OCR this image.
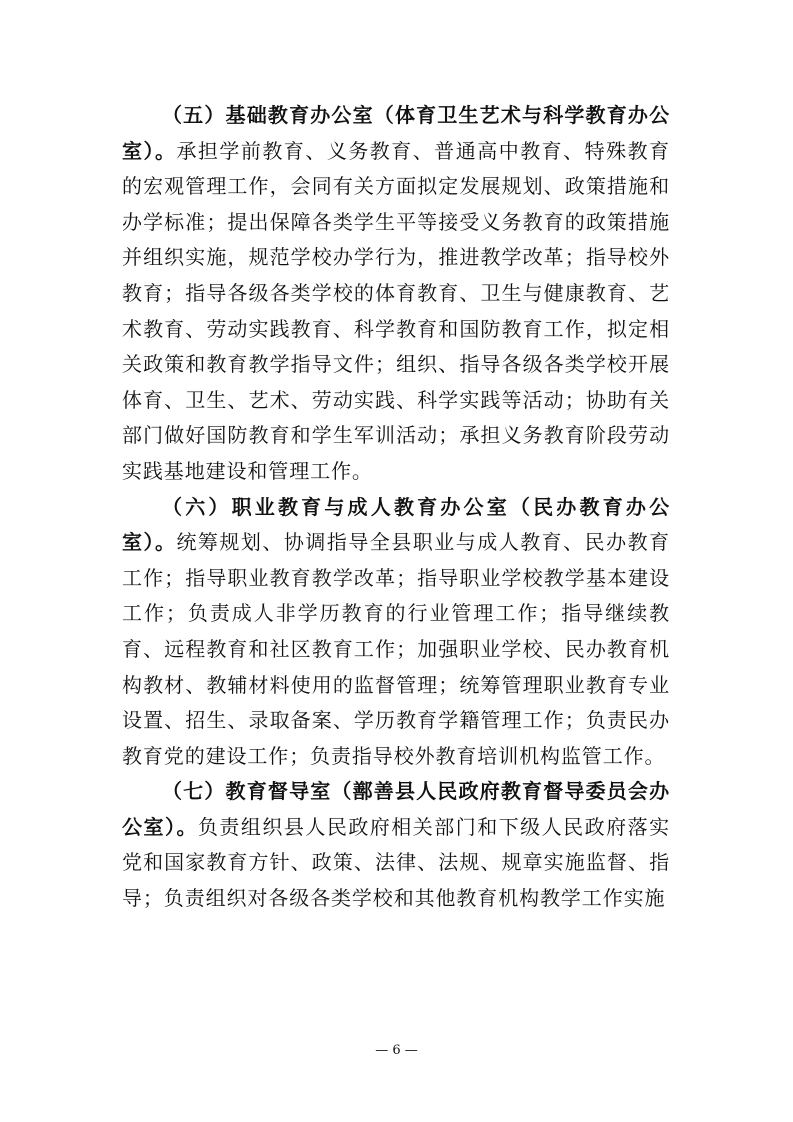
（五）基础教育办公室（体育卫生艺术与科学教育办公室）。承担学前教育、义务教育、普通高中教育、特殊教育的宏观管理工作，会同有关方面拟定发展规划、政策措施和办学标准；提出保障各类学生平等接受义务教育的政策措施并组织实施，规范学校办学行为，推进教学改革；指导校外教育；指导各级各类学校的体育教育、卫生与健康教育、艺术教育、劳动实践教育、科学教育和国防教育工作，拟定相关政策和教育教学指导文件；组织、指导各级各类学校开展体育、卫生、艺术、劳动实践、科学实践等活动；协助有关部门做好国防教育和学生军训活动；承担义务教育阶段劳动实践基地建设和管理工作。

（六）职业教育与成人教育办公室（民办教育办公室）。统筹规划、协调指导全县职业与成人教育、民办教育工作；指导职业教育教学改革；指导职业学校教学基本建设工作；负责成人非学历教育的行业管理工作；指导继续教育、远程教育和社区教育工作；加强职业学校、民办教育机构教材、教辅材料使用的监督管理；统筹管理职业教育专业设置、招生、录取备案、学历教育学籍管理工作；负责民办教育党的建设工作；负责指导校外教育培训机构监管工作。

（七）教育督导室（鄯善县人民政府教育督导委员会办公室）。负责组织县人民政府相关部门和下级人民政府落实党和国家教育方针、政策、法律、法规、规章实施监督、指导；负责组织对各级各类学校和其他教育机构教学工作实施

— 6 —
